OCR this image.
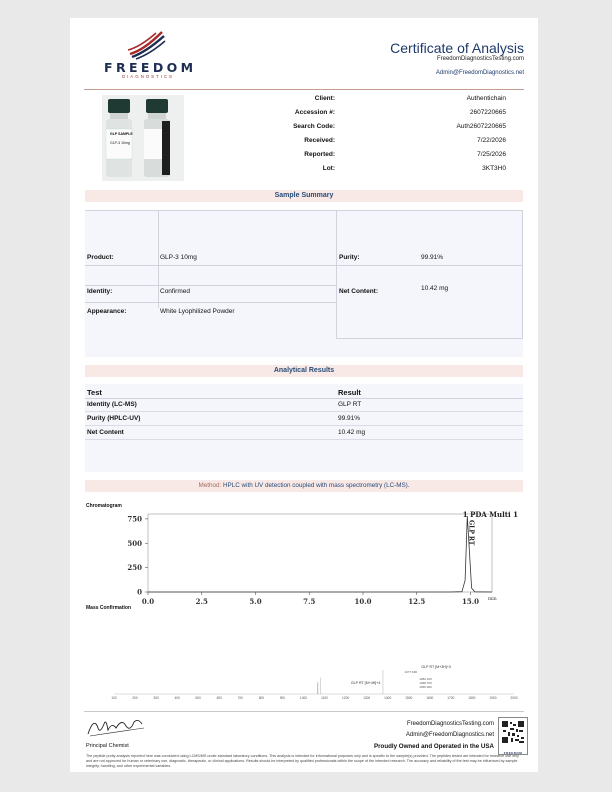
FREEDOM
DIAGNOSTICS
Certificate of Analysis
FreedomDiagnosticsTesting.com
Admin@FreedomDiagnostics.net
GLP SAMPLE
GLP-3 10mg
Client:	Authentichain
Accession #:	2607220665
Search Code:	Auth2607220665
Received:	7/22/2026
Reported:	7/25/2026
Lot:	3KT3H0
Sample Summary
Product:	GLP-3 10mg	Purity:	99.91%
Identity:	Confirmed	Net Content:	10.42 mg
Appearance:	White Lyophilized Powder
Analytical Results
Test	Result
Identity (LC-MS)	GLP RT
Purity (HPLC-UV)	99.91%
Net Content	10.42 mg
Method: HPLC with UV detection coupled with mass spectrometry (LC-MS).
Chromatogram
0
250
500
750
0.0	2.5	5.0	7.5	10.0	12.5	15.0 min
1 PDA Multi 1
GLP RT
Mass Confirmation
100	200	300	400	500	600	700	800	900	1000	1100	1200	1300	1400	1500	1600	1700	1800	1900	2000
GLP RT [M+3H]+3
GLP RT [M+4H]+4
1377.600
1082.100
1068.700
1066.300
Principal Chemist
FreedomDiagnosticsTesting.com
Admin@FreedomDiagnostics.net
Proudly Owned and Operated in the USA
FREEDOM
The peptide purity analysis reported here was conducted using LCMS/MS under standard laboratory conditions. This analysis is intended for informational purposes only and is specific to the sample(s) provided. The peptides tested are intended for research use only and are not approved for human or veterinary use, diagnostic, therapeutic, or clinical applications. Results should be interpreted by qualified professionals within the scope of the intended research. The accuracy and reliability of the test may be influenced by sample integrity, handling, and other experimental variables.
